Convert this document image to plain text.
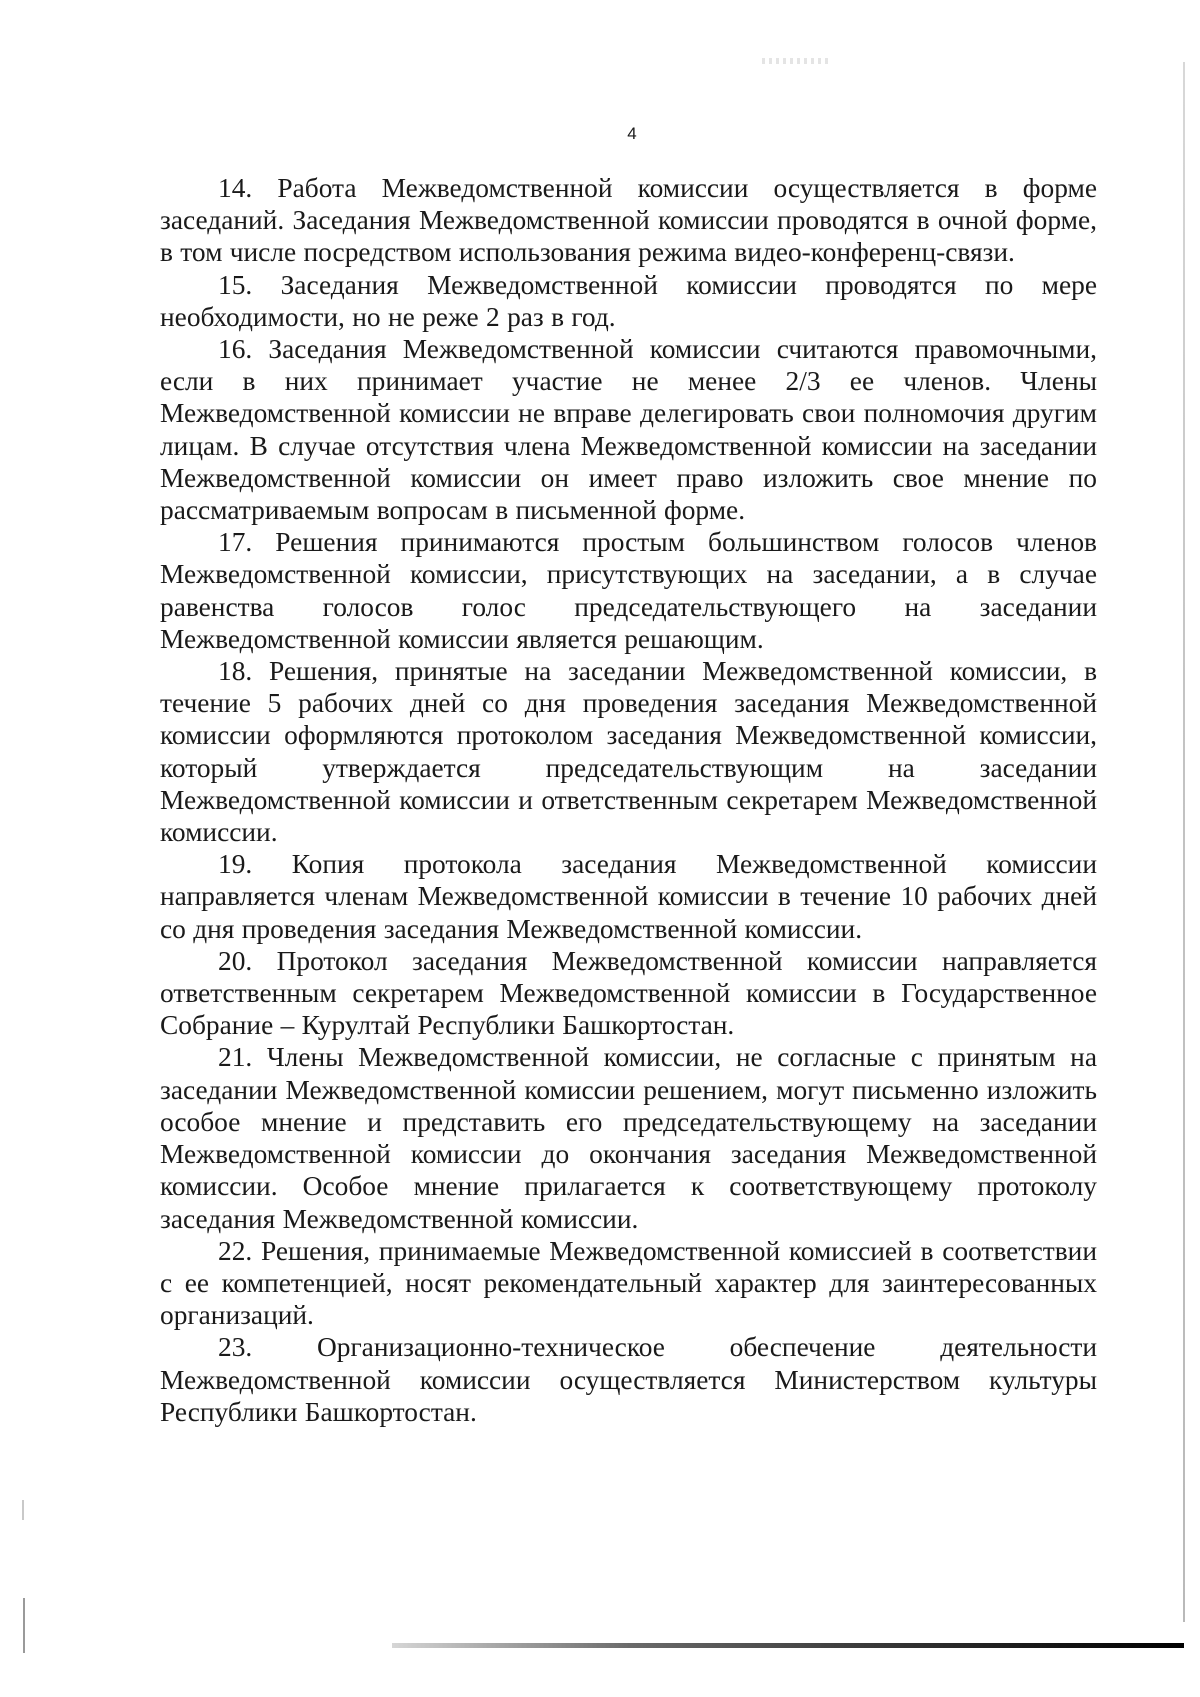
4

14. Работа Межведомственной комиссии осуществляется в форме заседаний. Заседания Межведомственной комиссии проводятся в очной форме, в том числе посредством использования режима видео-конференц-связи.

15. Заседания Межведомственной комиссии проводятся по мере необходимости, но не реже 2 раз в год.

16. Заседания Межведомственной комиссии считаются правомочными, если в них принимает участие не менее 2/3 ее членов. Члены Межведомственной комиссии не вправе делегировать свои полномочия другим лицам. В случае отсутствия члена Межведомственной комиссии на заседании Межведомственной комиссии он имеет право изложить свое мнение по рассматриваемым вопросам в письменной форме.

17. Решения принимаются простым большинством голосов членов Межведомственной комиссии, присутствующих на заседании, а в случае равенства голосов голос председательствующего на заседании Межведомственной комиссии является решающим.

18. Решения, принятые на заседании Межведомственной комиссии, в течение 5 рабочих дней со дня проведения заседания Межведомственной комиссии оформляются протоколом заседания Межведомственной комиссии, который утверждается председательствующим на заседании Межведомственной комиссии и ответственным секретарем Межведомственной комиссии.

19. Копия протокола заседания Межведомственной комиссии направляется членам Межведомственной комиссии в течение 10 рабочих дней со дня проведения заседания Межведомственной комиссии.

20. Протокол заседания Межведомственной комиссии направляется ответственным секретарем Межведомственной комиссии в Государственное Собрание – Курултай Республики Башкортостан.

21. Члены Межведомственной комиссии, не согласные с принятым на заседании Межведомственной комиссии решением, могут письменно изложить особое мнение и представить его председательствующему на заседании Межведомственной комиссии до окончания заседания Межведомственной комиссии. Особое мнение прилагается к соответствующему протоколу заседания Межведомственной комиссии.

22. Решения, принимаемые Межведомственной комиссией в соответствии с ее компетенцией, носят рекомендательный характер для заинтересованных организаций.

23. Организационно-техническое обеспечение деятельности Межведомственной комиссии осуществляется Министерством культуры Республики Башкортостан.
